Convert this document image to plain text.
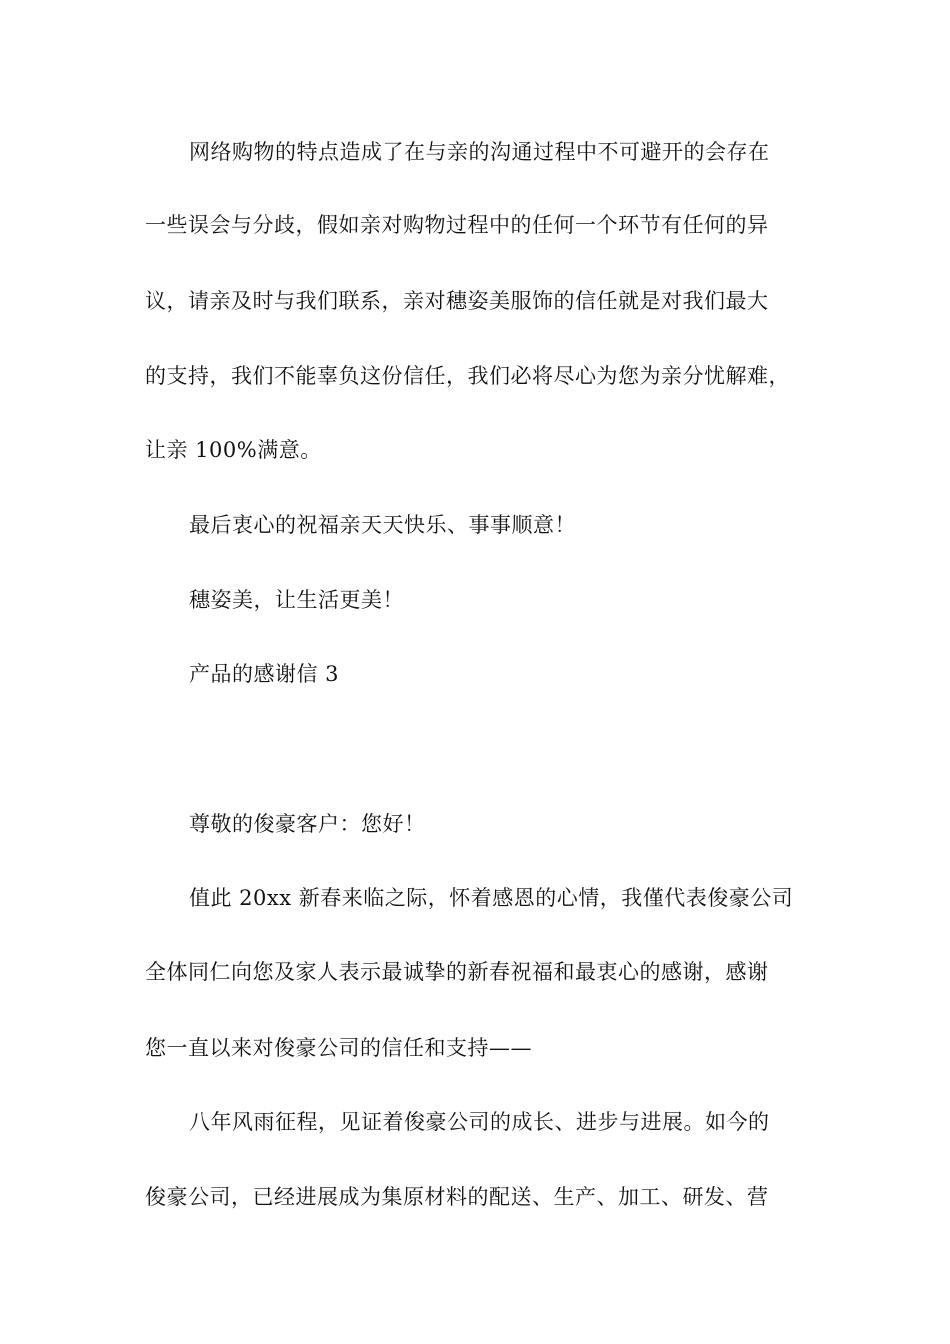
网络购物的特点造成了在与亲的沟通过程中不可避开的会存在
一些误会与分歧，假如亲对购物过程中的任何一个环节有任何的异
议，请亲及时与我们联系，亲对穗姿美服饰的信任就是对我们最大
的支持，我们不能辜负这份信任，我们必将尽心为您为亲分忧解难，
让亲 100%满意。
最后衷心的祝福亲天天快乐、事事顺意！
穗姿美，让生活更美！
产品的感谢信 3
尊敬的俊豪客户：您好！
值此 20xx 新春来临之际，怀着感恩的心情，我僅代表俊豪公司
全体同仁向您及家人表示最诚挚的新春祝福和最衷心的感谢，感谢
您一直以来对俊豪公司的信任和支持——
八年风雨征程，见证着俊豪公司的成长、进步与进展。如今的
俊豪公司，已经进展成为集原材料的配送、生产、加工、研发、营
